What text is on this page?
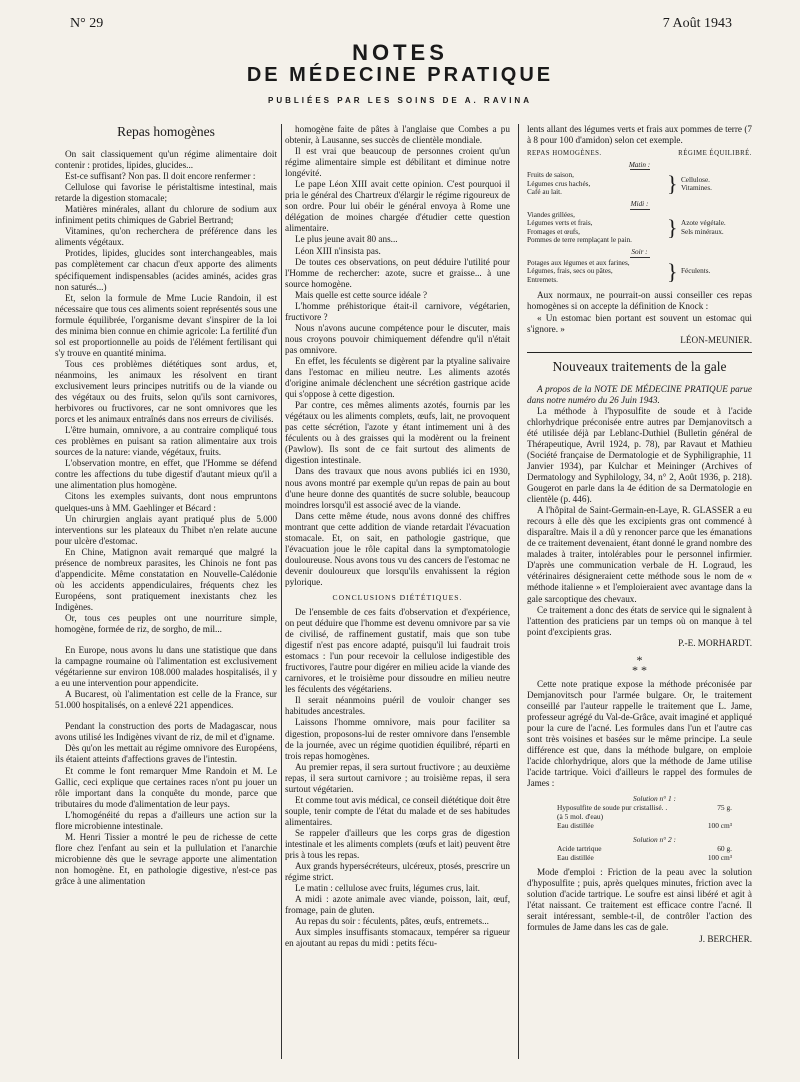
N° 29	7 Août 1943
NOTES
DE MÉDECINE PRATIQUE
PUBLIÉES PAR LES SOINS DE A. RAVINA
Repas homogènes

On sait classiquement qu'un régime alimentaire doit contenir : protides, lipides, glucides...

Est-ce suffisant? Non pas. Il doit encore renfermer :

Cellulose qui favorise le péristaltisme intestinal, mais retarde la digestion stomacale;

Matières minérales, allant du chlorure de sodium aux infiniment petits chimiques de Gabriel Bertrand;

Vitamines, qu'on recherchera de préférence dans les aliments végétaux.

Protides, lipides, glucides sont interchangeables, mais pas complètement car chacun d'eux apporte des aliments spécifiquement indispensables (acides aminés, acides gras non saturés...)

Et, selon la formule de Mme Lucie Randoin, il est nécessaire que tous ces aliments soient représentés sous une formule équilibrée, l'organisme devant s'inspirer de la loi des minima bien connue en chimie agricole: La fertilité d'un sol est proportionnelle au poids de l'élément fertilisant qui s'y trouve en quantité minima.

Tous ces problèmes diététiques sont ardus, et, néanmoins, les animaux les résolvent en tirant exclusivement leurs principes nutritifs ou de la viande ou des végétaux ou des fruits, selon qu'ils sont carnivores, herbivores ou fructivores, car ne sont omnivores que les porcs et les animaux entraînés dans nos erreurs de civilisés.

L'être humain, omnivore, a au contraire compliqué tous ces problèmes en puisant sa ration alimentaire aux trois sources de la nature: viande, végétaux, fruits.

L'observation montre, en effet, que l'Homme se défend contre les affections du tube digestif d'autant mieux qu'il a une alimentation plus homogène.

Citons les exemples suivants, dont nous empruntons quelques-uns à MM. Gaehlinger et Bécard :

Un chirurgien anglais ayant pratiqué plus de 5.000 interventions sur les plateaux du Thibet n'en relate aucune pour ulcère d'estomac.

En Chine, Matignon avait remarqué que malgré la présence de nombreux parasites, les Chinois ne font pas d'appendicite. Même constatation en Nouvelle-Calédonie où les accidents appendiculaires, fréquents chez les Européens, sont pratiquement inexistants chez les Indigènes.

Or, tous ces peuples ont une nourriture simple, homogène, formée de riz, de sorgho, de mil...

En Europe, nous avons lu dans une statistique que dans la campagne roumaine où l'alimentation est exclusivement végétarienne sur environ 108.000 malades hospitalisés, il y a eu une intervention pour appendicite.

A Bucarest, où l'alimentation est celle de la France, sur 51.000 hospitalisés, on a enlevé 221 appendices.

Pendant la construction des ports de Madagascar, nous avons utilisé les Indigènes vivant de riz, de mil et d'igname.

Dès qu'on les mettait au régime omnivore des Européens, ils étaient atteints d'affections graves de l'intestin.

Et comme le font remarquer Mme Randoin et M. Le Gallic, ceci explique que certaines races n'ont pu jouer un rôle important dans la conquête du monde, parce que tributaires du mode d'alimentation de leur pays.

L'homogénéité du repas a d'ailleurs une action sur la flore microbienne intestinale.

M. Henri Tissier a montré le peu de richesse de cette flore chez l'enfant au sein et la pullulation et l'anarchie microbienne dès que le sevrage apporte une alimentation non homogène. Et, en pathologie digestive, n'est-ce pas grâce à une alimentation

homogène faite de pâtes à l'anglaise que Combes a pu obtenir, à Lausanne, ses succès de clientèle mondiale.

Il est vrai que beaucoup de personnes croient qu'un régime alimentaire simple est débilitant et diminue notre longévité.

Le pape Léon XIII avait cette opinion. C'est pourquoi il pria le général des Chartreux d'élargir le régime rigoureux de son ordre. Pour lui obéir le général envoya à Rome une délégation de moines chargée d'étudier cette question alimentaire.

Le plus jeune avait 80 ans...

Léon XIII n'insista pas.

De toutes ces observations, on peut déduire l'utilité pour l'Homme de rechercher: azote, sucre et graisse... à une source homogène.

Mais quelle est cette source idéale ?

L'homme préhistorique était-il carnivore, végétarien, fructivore ?

Nous n'avons aucune compétence pour le discuter, mais nous croyons pouvoir chimiquement défendre qu'il n'était pas omnivore.

En effet, les féculents se digèrent par la ptyaline salivaire dans l'estomac en milieu neutre. Les aliments azotés d'origine animale déclenchent une sécrétion gastrique acide qui s'oppose à cette digestion.

Par contre, ces mêmes aliments azotés, fournis par les végétaux ou les aliments complets, œufs, lait, ne provoquent pas cette sécrétion, l'azote y étant intimement uni à des féculents ou à des graisses qui la modèrent ou la freinent (Pawlow). Ils sont de ce fait surtout des aliments de digestion intestinale.

Dans des travaux que nous avons publiés ici en 1930, nous avons montré par exemple qu'un repas de pain au bout d'une heure donne des quantités de sucre soluble, beaucoup moindres lorsqu'il est associé avec de la viande.

Dans cette même étude, nous avons donné des chiffres montrant que cette addition de viande retardait l'évacuation stomacale. Et, on sait, en pathologie gastrique, que l'évacuation joue le rôle capital dans la symptomatologie douloureuse. Nous avons tous vu des cancers de l'estomac ne devenir douloureux que lorsqu'ils envahissent la région pylorique.

CONCLUSIONS DIÉTÉTIQUES.

De l'ensemble de ces faits d'observation et d'expérience, on peut déduire que l'homme est devenu omnivore par sa vie de civilisé, de raffinement gustatif, mais que son tube digestif n'est pas encore adapté, puisqu'il lui faudrait trois estomacs : l'un pour recevoir la cellulose indigestible des fructivores, l'autre pour digérer en milieu acide la viande des carnivores, et le troisième pour dissoudre en milieu neutre les féculents des végétariens.

Il serait néanmoins puéril de vouloir changer ses habitudes ancestrales.

Laissons l'homme omnivore, mais pour faciliter sa digestion, proposons-lui de rester omnivore dans l'ensemble de la journée, avec un régime quotidien équilibré, réparti en trois repas homogènes.

Au premier repas, il sera surtout fructivore ; au deuxième repas, il sera surtout carnivore ; au troisième repas, il sera surtout végétarien.

Et comme tout avis médical, ce conseil diététique doit être souple, tenir compte de l'état du malade et de ses habitudes alimentaires.

Se rappeler d'ailleurs que les corps gras de digestion intestinale et les aliments complets (œufs et lait) peuvent être pris à tous les repas.

Aux grands hypersécréteurs, ulcéreux, ptosés, prescrire un régime strict.

Le matin : cellulose avec fruits, légumes crus, lait.

A midi : azote animale avec viande, poisson, lait, œuf, fromage, pain de gluten.

Au repas du soir : féculents, pâtes, œufs, entremets...

Aux simples insuffisants stomacaux, tempérer sa rigueur en ajoutant au repas du midi : petits fécu-

lents allant des légumes verts et frais aux pommes de terre (7 à 8 pour 100 d'amidon) selon cet exemple.

REPAS HOMOGÈNES.	RÉGIME ÉQUILIBRÉ.
Matin :
Fruits de saison,
Légumes crus hachés,
Café au lait.	} Cellulose.
Vitamines.
Midi :
Viandes grillées,
Légumes verts et frais,
Fromages et œufs,
Pommes de terre remplaçant le pain.
} Azote végétale.
Sels minéraux.
Soir :
Potages aux légumes et aux farines,
Légumes, frais, secs ou pâtes,
Entremets.	} Féculents.

Aux normaux, ne pourrait-on aussi conseiller ces repas homogènes si on accepte la définition de Knock :

« Un estomac bien portant est souvent un estomac qui s'ignore. »

LÉON-MEUNIER.
Nouveaux traitements de la gale

A propos de la NOTE DE MÉDECINE PRATIQUE parue dans notre numéro du 26 Juin 1943.

La méthode à l'hyposulfite de soude et à l'acide chlorhydrique préconisée entre autres par Demjanovitsch a été utilisée déjà par Leblanc-Duthiel (Bulletin général de Thérapeutique, Avril 1924, p. 78), par Ravaut et Mathieu (Société française de Dermatologie et de Syphiligraphie, 11 Janvier 1934), par Kulchar et Meininger (Archives of Dermatology and Syphilology, 34, n° 2, Août 1936, p. 218). Gougerot en parle dans la 4e édition de sa Dermatologie en clientèle (p. 446).

A l'hôpital de Saint-Germain-en-Laye, R. GLASSER a eu recours à elle dès que les excipients gras ont commencé à disparaître. Mais il a dû y renoncer parce que les émanations de ce traitement devenaient, étant donné le grand nombre des malades à traiter, intolérables pour le personnel infirmier. D'après une communication verbale de H. Lograud, les vétérinaires désigneraient cette méthode sous le nom de « méthode italienne » et l'emploieraient avec avantage dans la gale sarcoptique des chevaux.

Ce traitement a donc des états de service qui le signalent à l'attention des praticiens par un temps où on manque à tel point d'excipients gras.

P.-E. MORHARDT.
*
* *

Cette note pratique expose la méthode préconisée par Demjanovitsch pour l'armée bulgare. Or, le traitement conseillé par l'auteur rappelle le traitement que L. Jame, professeur agrégé du Val-de-Grâce, avait imaginé et appliqué pour la cure de l'acné. Les formules dans l'un et l'autre cas sont très voisines et basées sur le même principe. La seule différence est que, dans la méthode bulgare, on emploie l'acide chlorhydrique, alors que la méthode de Jame utilise l'acide tartrique. Voici d'ailleurs le rappel des formules de James :

Solution n° 1 :
Hyposulfite de soude pur cristallisé. .	75 g.
(à 5 mol. d'eau)
Eau distillée	100 cm³
Solution n° 2 :
Acide tartrique	60 g.
Eau distillée	100 cm³

Mode d'emploi : Friction de la peau avec la solution d'hyposulfite ; puis, après quelques minutes, friction avec la solution d'acide tartrique. Le soufre est ainsi libéré et agit à l'état naissant. Ce traitement est efficace contre l'acné. Il serait intéressant, semble-t-il, de contrôler l'action des formules de Jame dans les cas de gale.

J. BERCHER.
